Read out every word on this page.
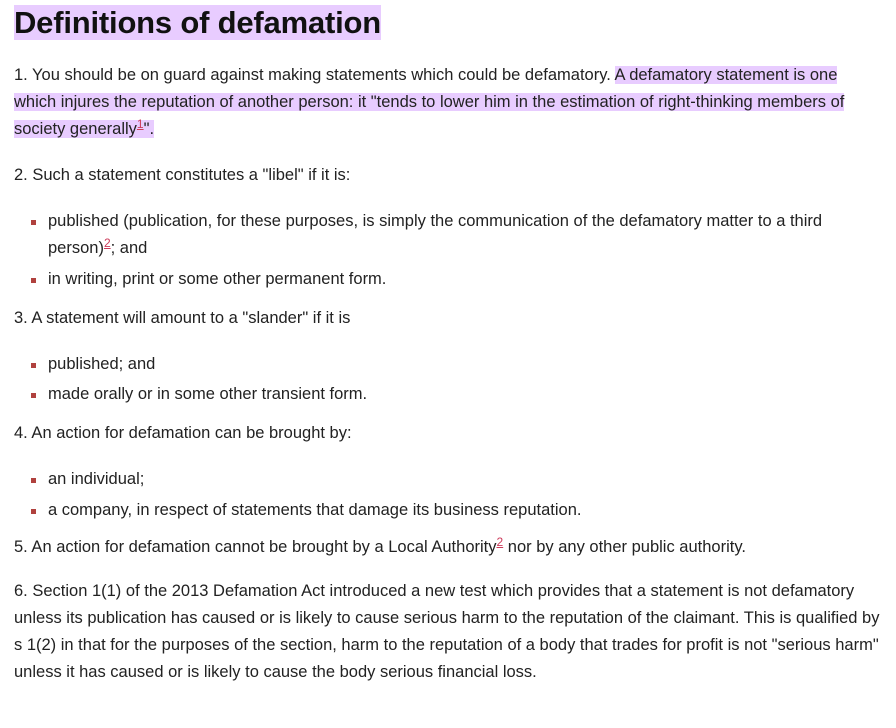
Definitions of defamation

1. You should be on guard against making statements which could be defamatory. A defamatory statement is one which injures the reputation of another person: it "tends to lower him in the estimation of right-thinking members of society generally$^1$".

2. Such a statement constitutes a "libel" if it is:

published (publication, for these purposes, is simply the communication of the defamatory matter to a third person)$^2$; and
in writing, print or some other permanent form.

3. A statement will amount to a "slander" if it is

published; and
made orally or in some other transient form.

4. An action for defamation can be brought by:

an individual;
a company, in respect of statements that damage its business reputation.

5. An action for defamation cannot be brought by a Local Authority$^2$ nor by any other public authority.

6. Section 1(1) of the 2013 Defamation Act introduced a new test which provides that a statement is not defamatory unless its publication has caused or is likely to cause serious harm to the reputation of the claimant. This is qualified by s 1(2) in that for the purposes of the section, harm to the reputation of a body that trades for profit is not "serious harm" unless it has caused or is likely to cause the body serious financial loss.
